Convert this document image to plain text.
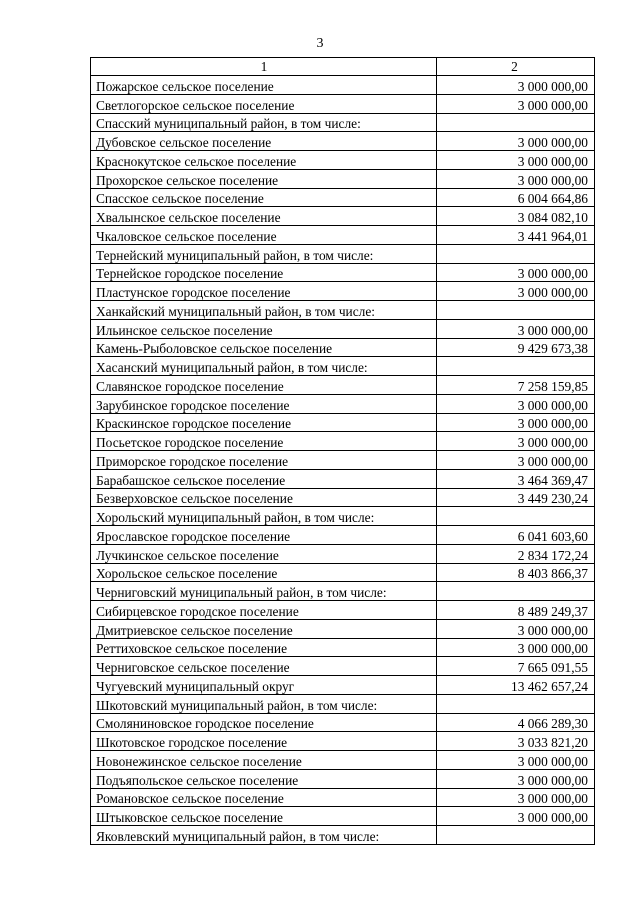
3
1	2
Пожарское сельское поселение	3 000 000,00
Светлогорское сельское поселение	3 000 000,00
Спасский муниципальный район, в том числе:	
Дубовское сельское поселение	3 000 000,00
Краснокутское сельское поселение	3 000 000,00
Прохорское сельское поселение	3 000 000,00
Спасское сельское поселение	6 004 664,86
Хвалынское сельское поселение	3 084 082,10
Чкаловское сельское поселение	3 441 964,01
Тернейский муниципальный район, в том числе:	
Тернейское городское поселение	3 000 000,00
Пластунское городское поселение	3 000 000,00
Ханкайский муниципальный район, в том числе:	
Ильинское сельское поселение	3 000 000,00
Камень-Рыболовское сельское поселение	9 429 673,38
Хасанский муниципальный район, в том числе:	
Славянское городское поселение	7 258 159,85
Зарубинское городское поселение	3 000 000,00
Краскинское городское поселение	3 000 000,00
Посьетское городское поселение	3 000 000,00
Приморское городское поселение	3 000 000,00
Барабашское сельское поселение	3 464 369,47
Безверховское сельское поселение	3 449 230,24
Хорольский муниципальный район, в том числе:	
Ярославское городское поселение	6 041 603,60
Лучкинское сельское поселение	2 834 172,24
Хорольское сельское поселение	8 403 866,37
Черниговский муниципальный район, в том числе:	
Сибирцевское городское поселение	8 489 249,37
Дмитриевское сельское поселение	3 000 000,00
Реттиховское сельское поселение	3 000 000,00
Черниговское сельское поселение	7 665 091,55
Чугуевский муниципальный округ	13 462 657,24
Шкотовский муниципальный район, в том числе:	
Смоляниновское городское поселение	4 066 289,30
Шкотовское городское поселение	3 033 821,20
Новонежинское сельское поселение	3 000 000,00
Подъяпольское сельское поселение	3 000 000,00
Романовское сельское поселение	3 000 000,00
Штыковское сельское поселение	3 000 000,00
Яковлевский муниципальный район, в том числе:	
